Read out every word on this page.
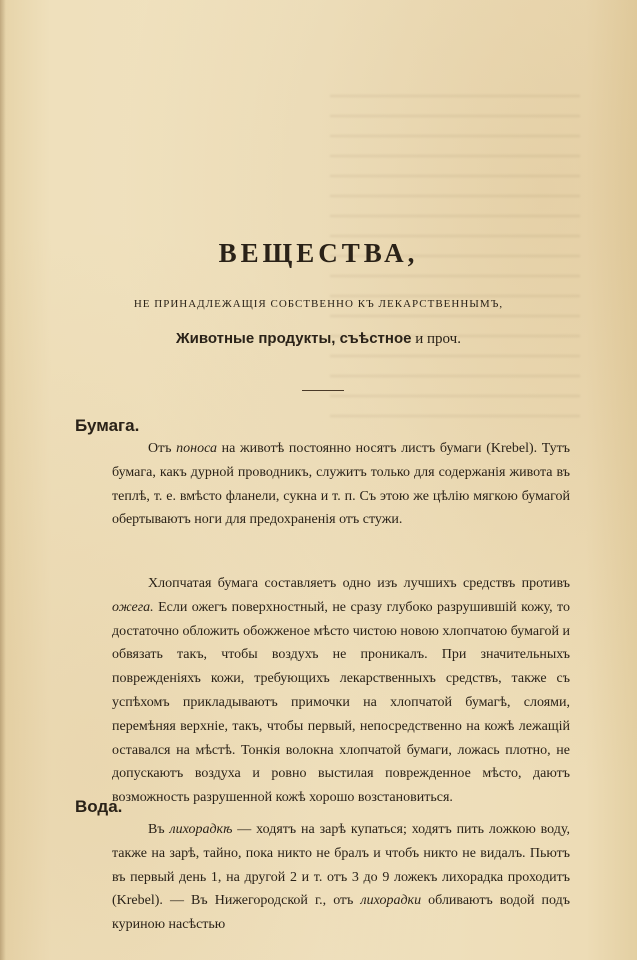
ВЕЩЕСТВА,

НЕ ПРИНАДЛЕЖАЩІЯ СОБСТВЕННО КЪ ЛЕКАРСТВЕННЫМЪ,

Животные продукты, съѣстное и проч.

Бумага.

Отъ поноса на животѣ постоянно носятъ листъ бумаги (Krebel). Тутъ бумага, какъ дурной проводникъ, служитъ только для содержанія живота въ теплѣ, т. е. вмѣсто фланели, сукна и т. п. Съ этою же цѣлію мягкою бумагой обертываютъ ноги для предохраненія отъ стужи.

Хлопчатая бумага составляетъ одно изъ лучшихъ средствъ противъ ожега. Если ожегъ поверхностный, не сразу глубоко разрушившій кожу, то достаточно обложить обожженое мѣсто чистою новою хлопчатою бумагой и обвязать такъ, чтобы воздухъ не проникалъ. При значительныхъ поврежденіяхъ кожи, требующихъ лекарственныхъ средствъ, также съ успѣхомъ прикладываютъ примочки на хлопчатой бумагѣ, слоями, перемѣняя верхніе, такъ, чтобы первый, непосредственно на кожѣ лежащій оставался на мѣстѣ. Тонкія волокна хлопчатой бумаги, ложась плотно, не допускаютъ воздуха и ровно выстилая поврежденное мѣсто, даютъ возможность разрушенной кожѣ хорошо возстановиться.

Вода.

Въ лихорадкѣ — ходятъ на зарѣ купаться; ходятъ пить ложкою воду, также на зарѣ, тайно, пока никто не бралъ и чтобъ никто не видалъ. Пьютъ въ первый день 1, на другой 2 и т. отъ 3 до 9 ложекъ лихорадка проходитъ (Krebel). — Въ Нижегородской г., отъ лихорадки обливаютъ водой подъ куриною насѣстью
